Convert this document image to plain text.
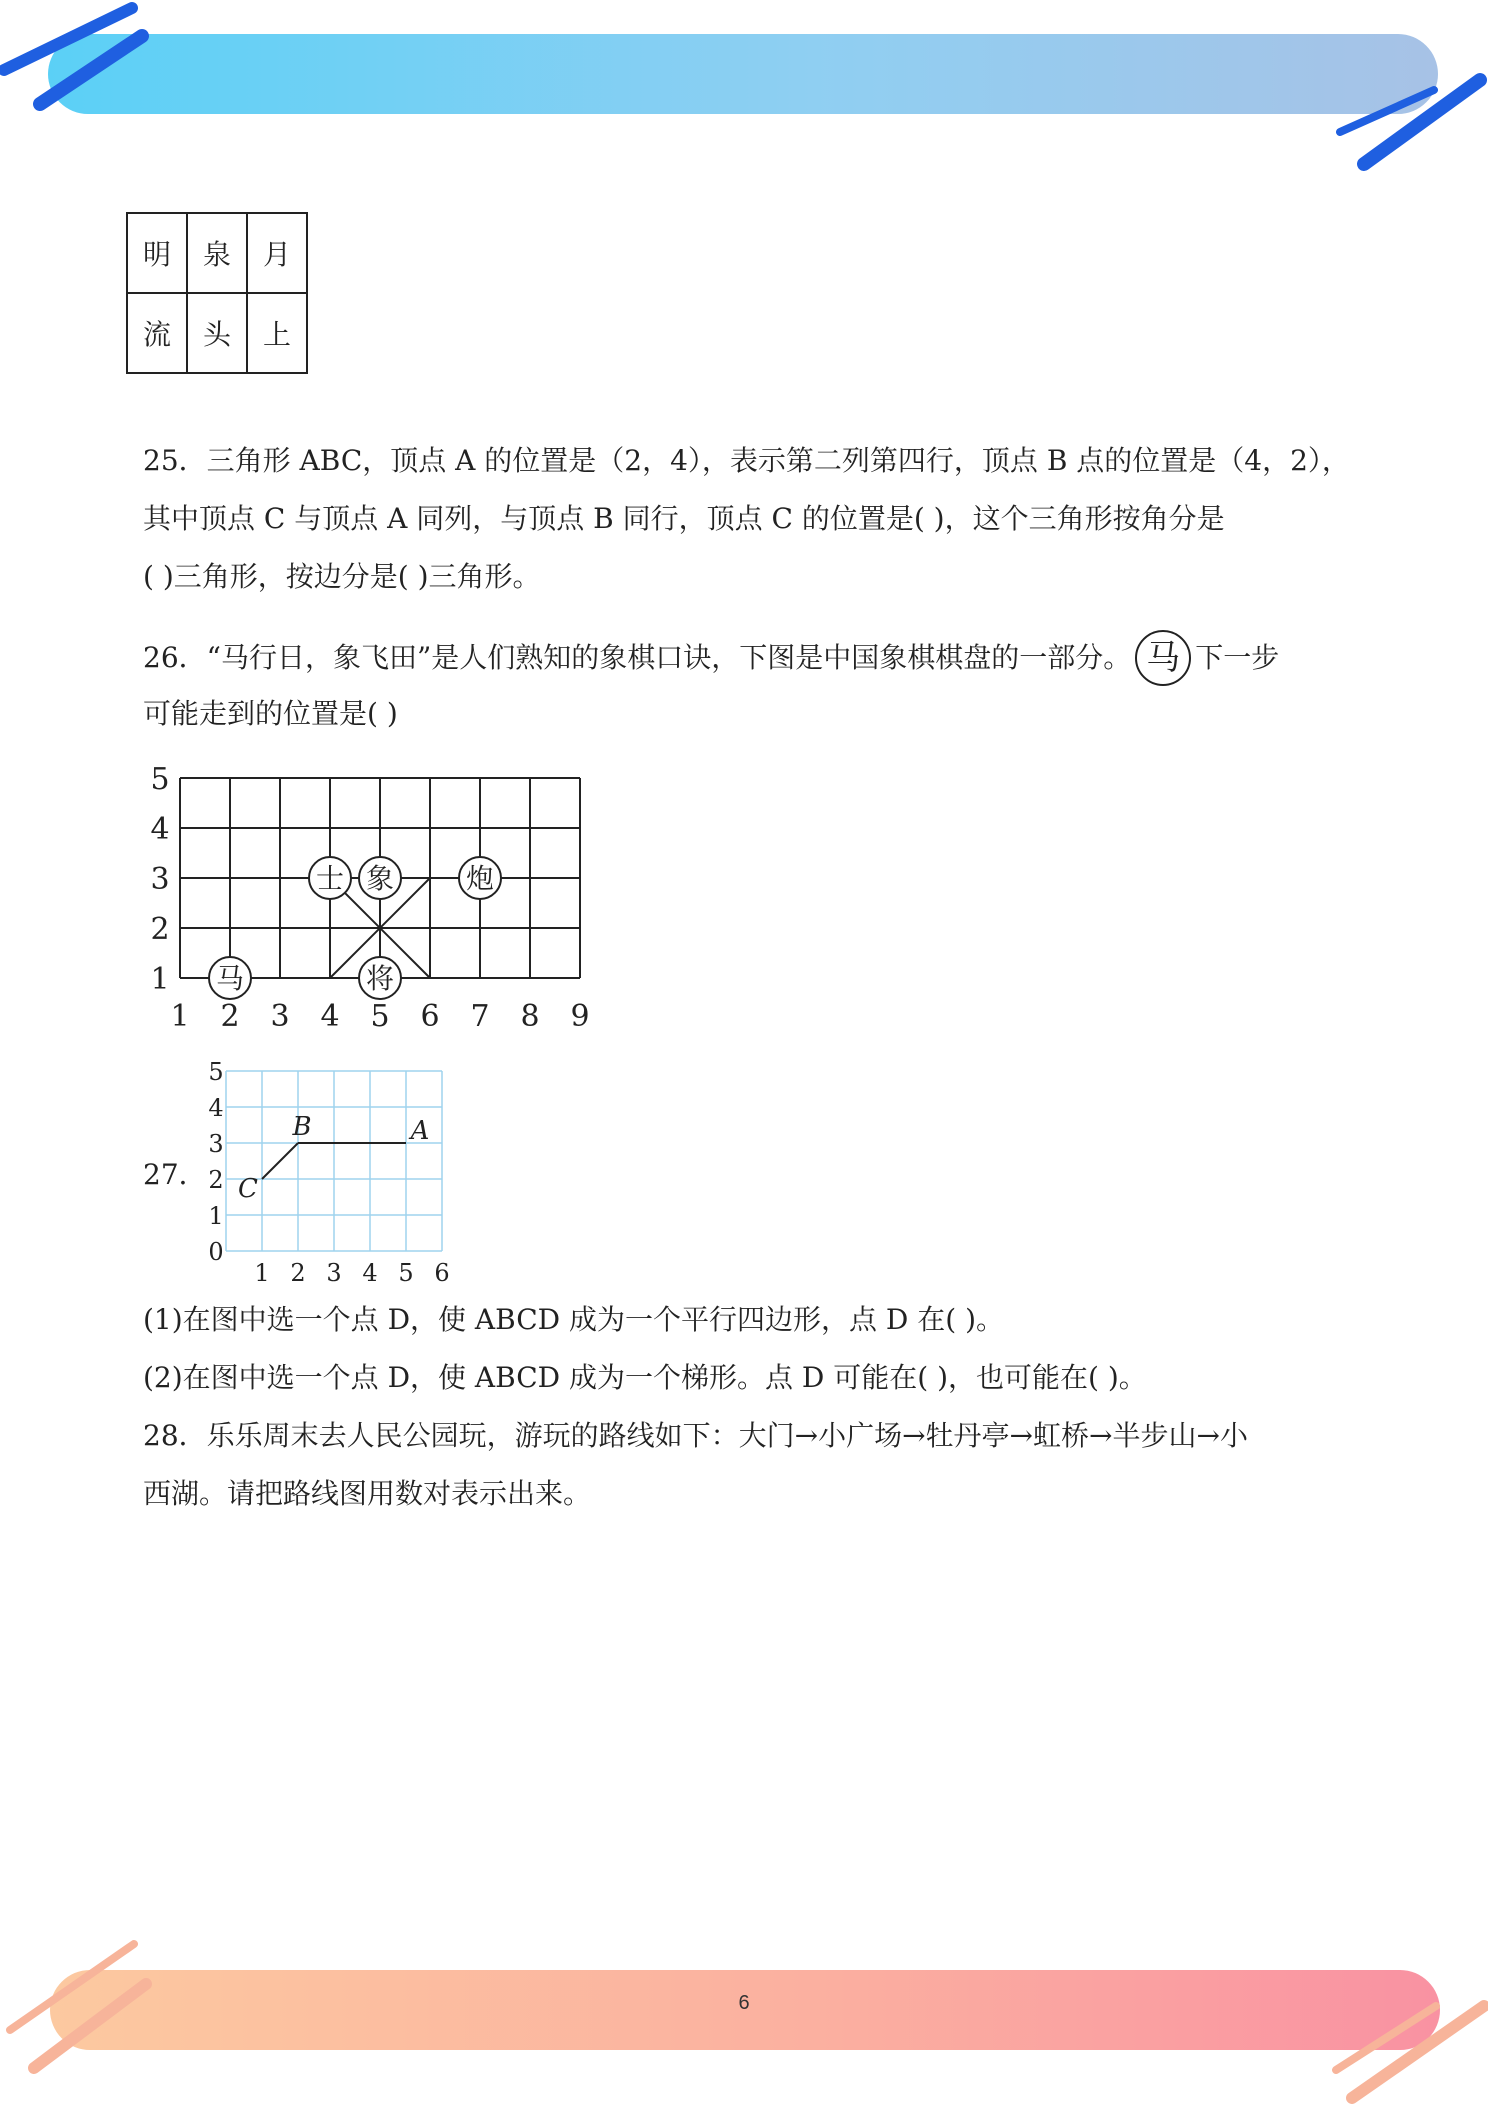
明	泉	月
流	头	上
25．三角形 ABC，顶点 A 的位置是（2，4），表示第二列第四行，顶点 B 点的位置是（4，2），
其中顶点 C 与顶点 A 同列，与顶点 B 同行，顶点 C 的位置是( )，这个三角形按角分是
( )三角形，按边分是( )三角形。
26．“马行日，象飞田”是人们熟知的象棋口诀，下图是中国象棋棋盘的一部分。 马 下一步
可能走到的位置是( )
1 2 3 4 5 6 7 8 9
1
2
3
4
5
士 象	炮
马	将
27．
1 2 3 4 5 6
0
1
2
3
4
5
B	A
C
(1)在图中选一个点 D，使 ABCD 成为一个平行四边形，点 D 在( )。
(2)在图中选一个点 D，使 ABCD 成为一个梯形。点 D 可能在( )，也可能在( )。
28．乐乐周末去人民公园玩，游玩的路线如下：大门→小广场→牡丹亭→虹桥→半步山→小
西湖。请把路线图用数对表示出来。
6
